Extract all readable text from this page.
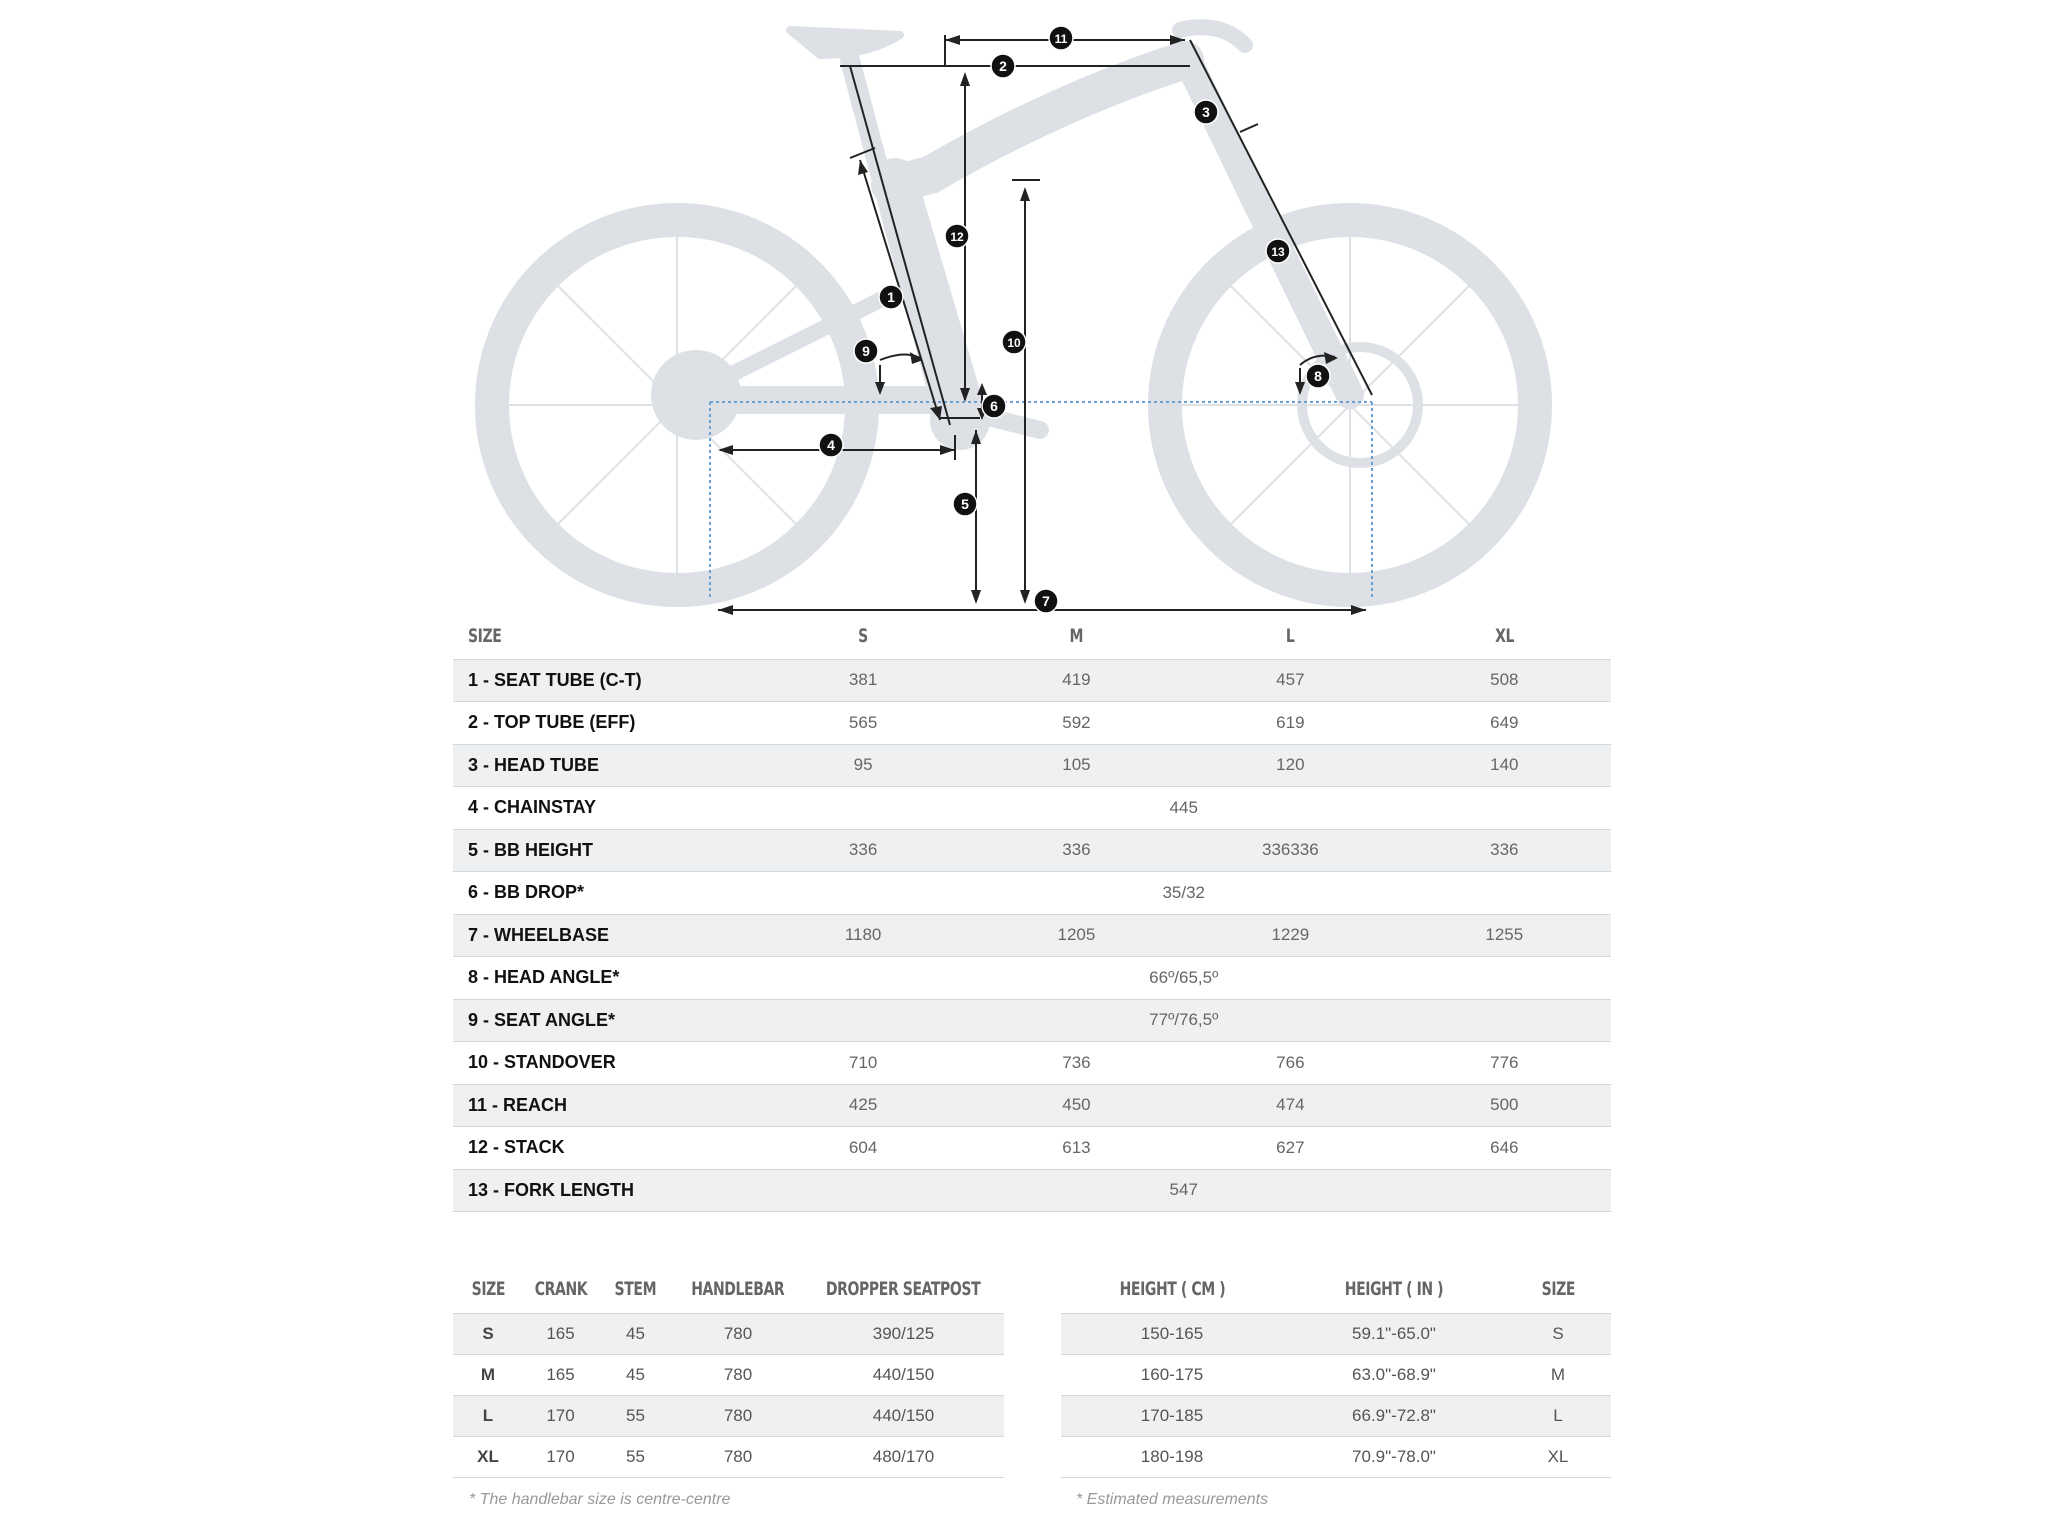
1
2
3
4
5
6
7
8
9	10
11
12
13
SIZE	S	M	L	XL
1 - SEAT TUBE (C-T)	381	419	457	508
2 - TOP TUBE (EFF)	565	592	619	649
3 - HEAD TUBE	95	105	120	140
4 - CHAINSTAY	445			
5 - BB HEIGHT	336	336	336336	336
6 - BB DROP*	35/32			
7 - WHEELBASE	1180	1205	1229	1255
8 - HEAD ANGLE*	66º/65,5º			
9 - SEAT ANGLE*	77º/76,5º			
10 - STANDOVER	710	736	766	776
11 - REACH	425	450	474	500
12 - STACK	604	613	627	646
13 - FORK LENGTH	547			
SIZE	CRANK	STEM	HANDLEBAR	DROPPER SEATPOST
S	165	45	780	390/125
M	165	45	780	440/150
L	170	55	780	440/150
XL	170	55	780	480/170
* The handlebar size is centre-centre
HEIGHT ( CM )	HEIGHT ( IN )	SIZE
150-165	59.1"-65.0"	S
160-175	63.0"-68.9"	M
170-185	66.9"-72.8"	L
180-198	70.9"-78.0"	XL
* Estimated measurements
